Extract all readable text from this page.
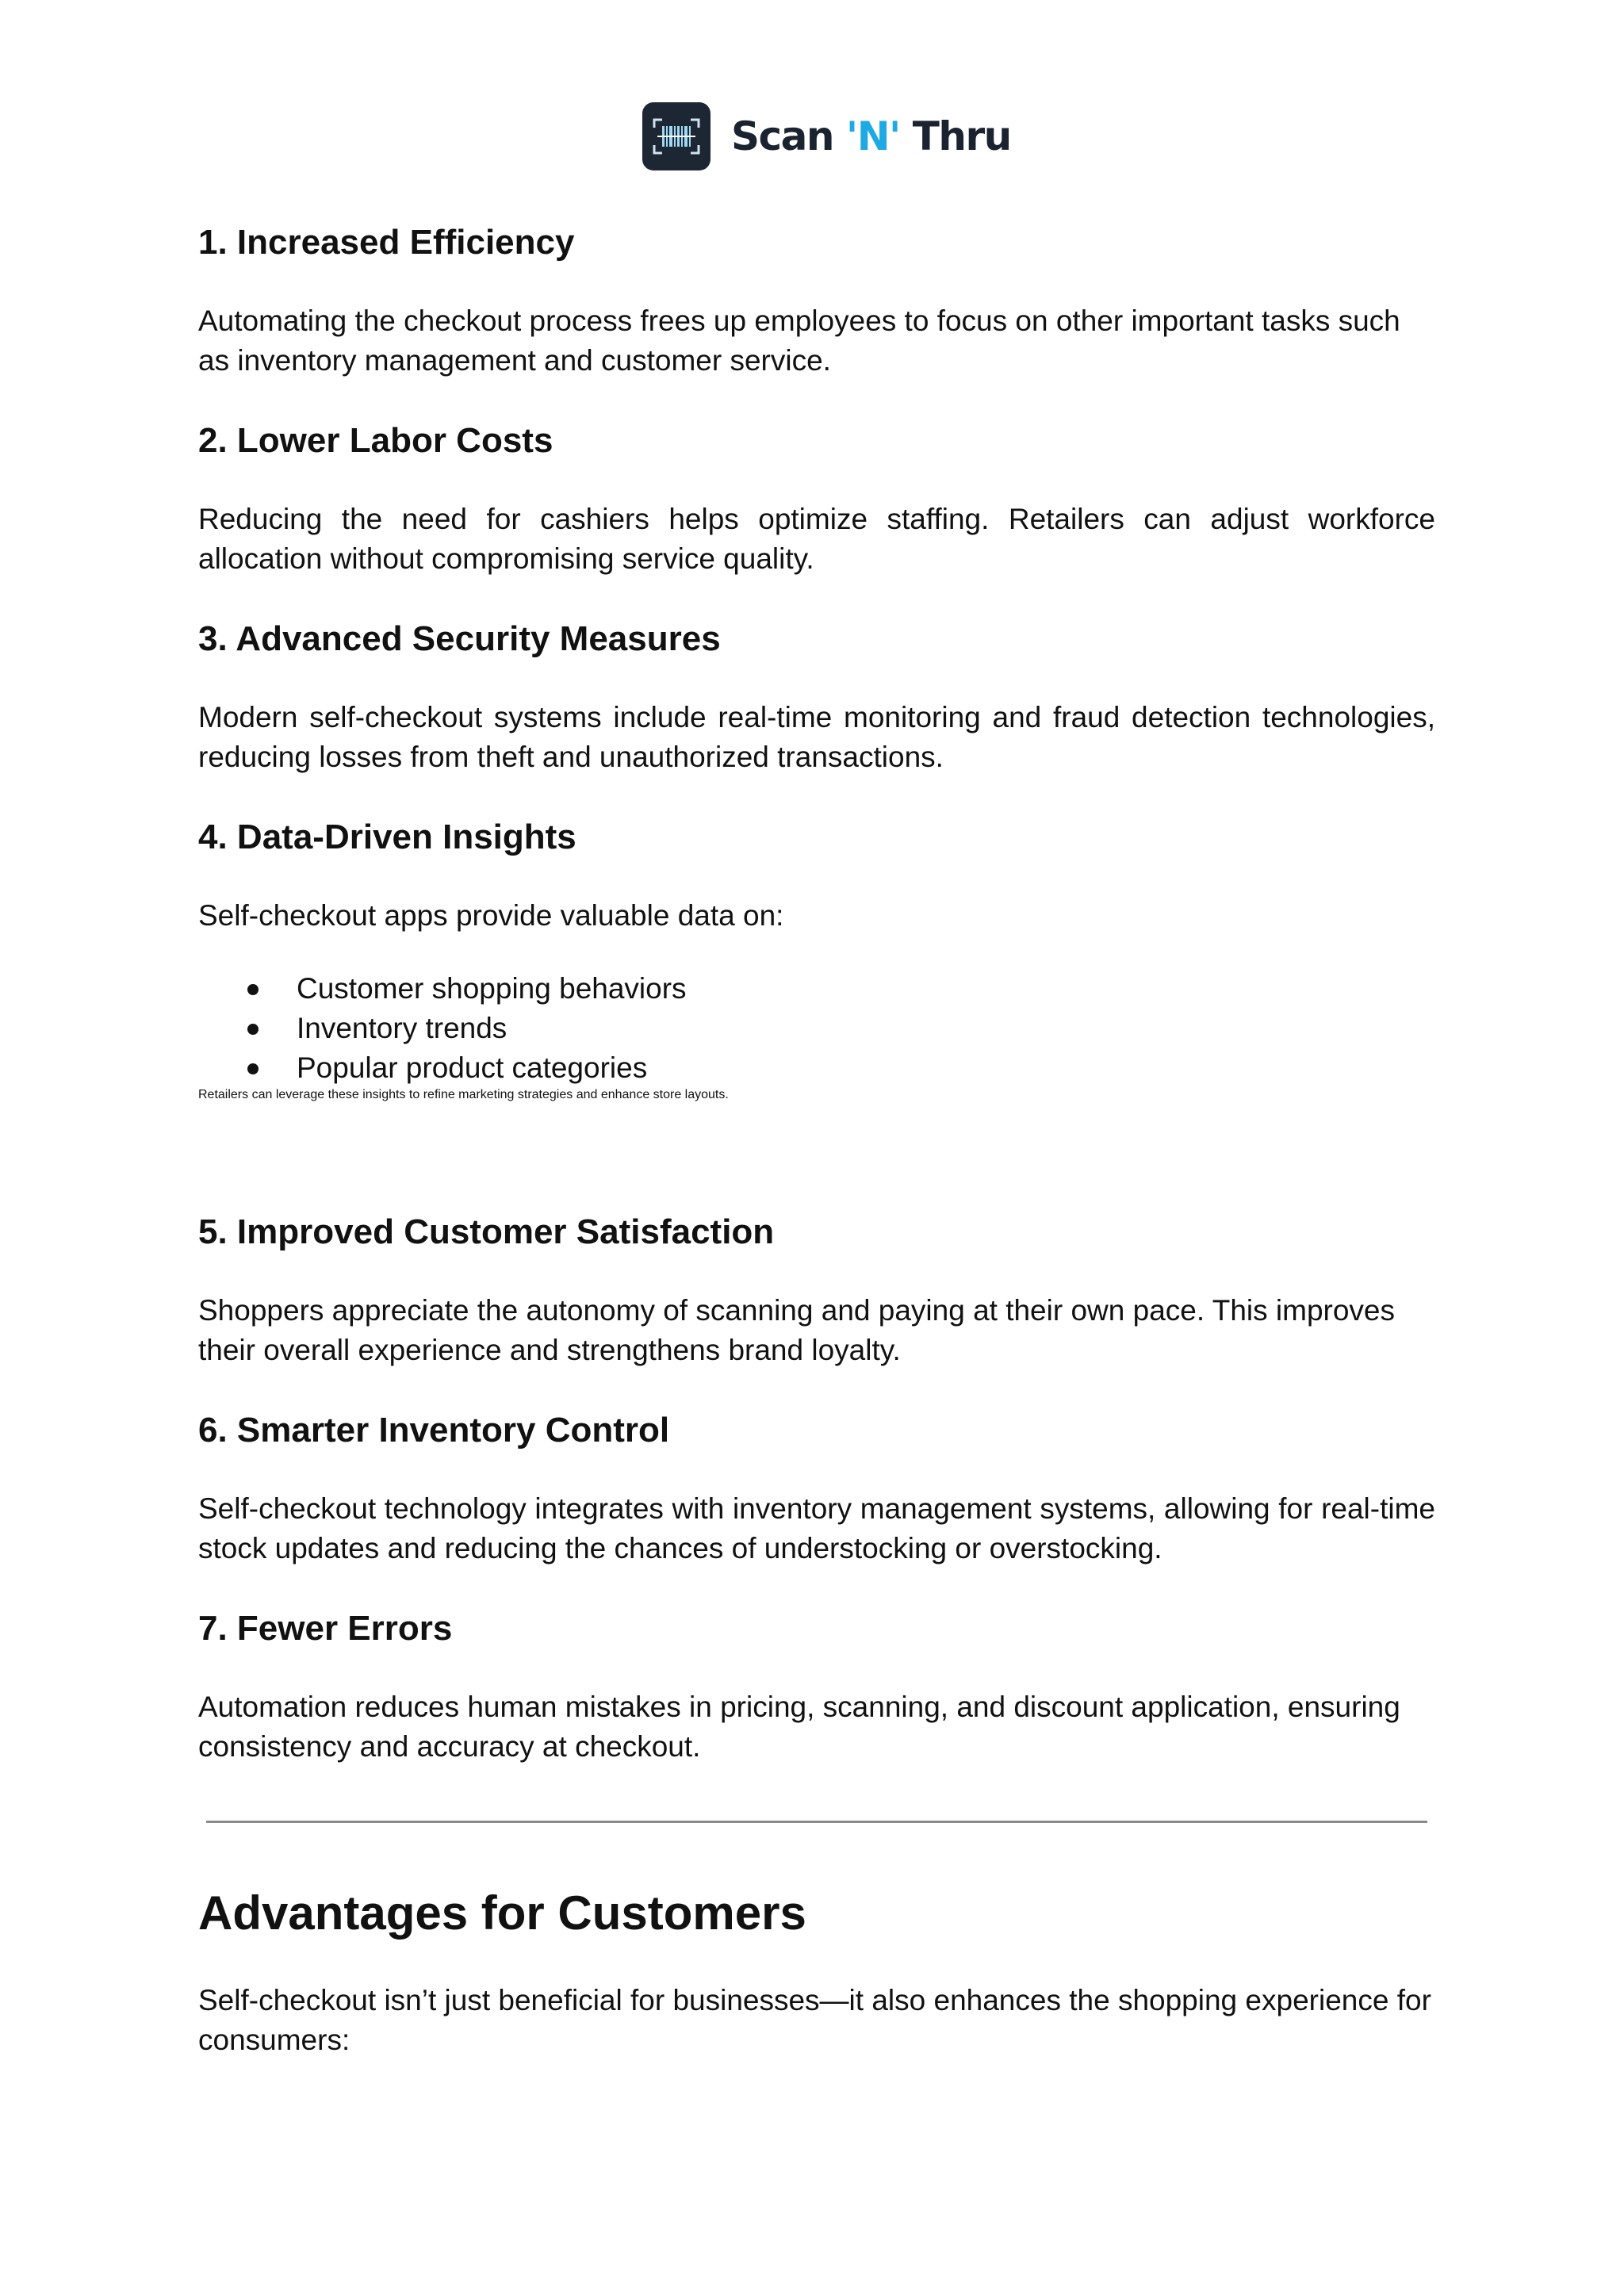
Scan 'N' Thru
1. Increased Efficiency

Automating the checkout process frees up employees to focus on other important tasks such as inventory management and customer service.

2. Lower Labor Costs

Reducing the need for cashiers helps optimize staffing. Retailers can adjust workforce allocation without compromising service quality.

3. Advanced Security Measures

Modern self-checkout systems include real-time monitoring and fraud detection technologies, reducing losses from theft and unauthorized transactions.

4. Data-Driven Insights

Self-checkout apps provide valuable data on:

Customer shopping behaviors
Inventory trends
Popular product categories
Retailers can leverage these insights to refine marketing strategies and enhance store layouts.
5. Improved Customer Satisfaction

Shoppers appreciate the autonomy of scanning and paying at their own pace. This improves their overall experience and strengthens brand loyalty.

6. Smarter Inventory Control

Self-checkout technology integrates with inventory management systems, allowing for real-time stock updates and reducing the chances of understocking or overstocking.

7. Fewer Errors

Automation reduces human mistakes in pricing, scanning, and discount application, ensuring consistency and accuracy at checkout.

Advantages for Customers

Self-checkout isn’t just beneficial for businesses—it also enhances the shopping experience for consumers:
